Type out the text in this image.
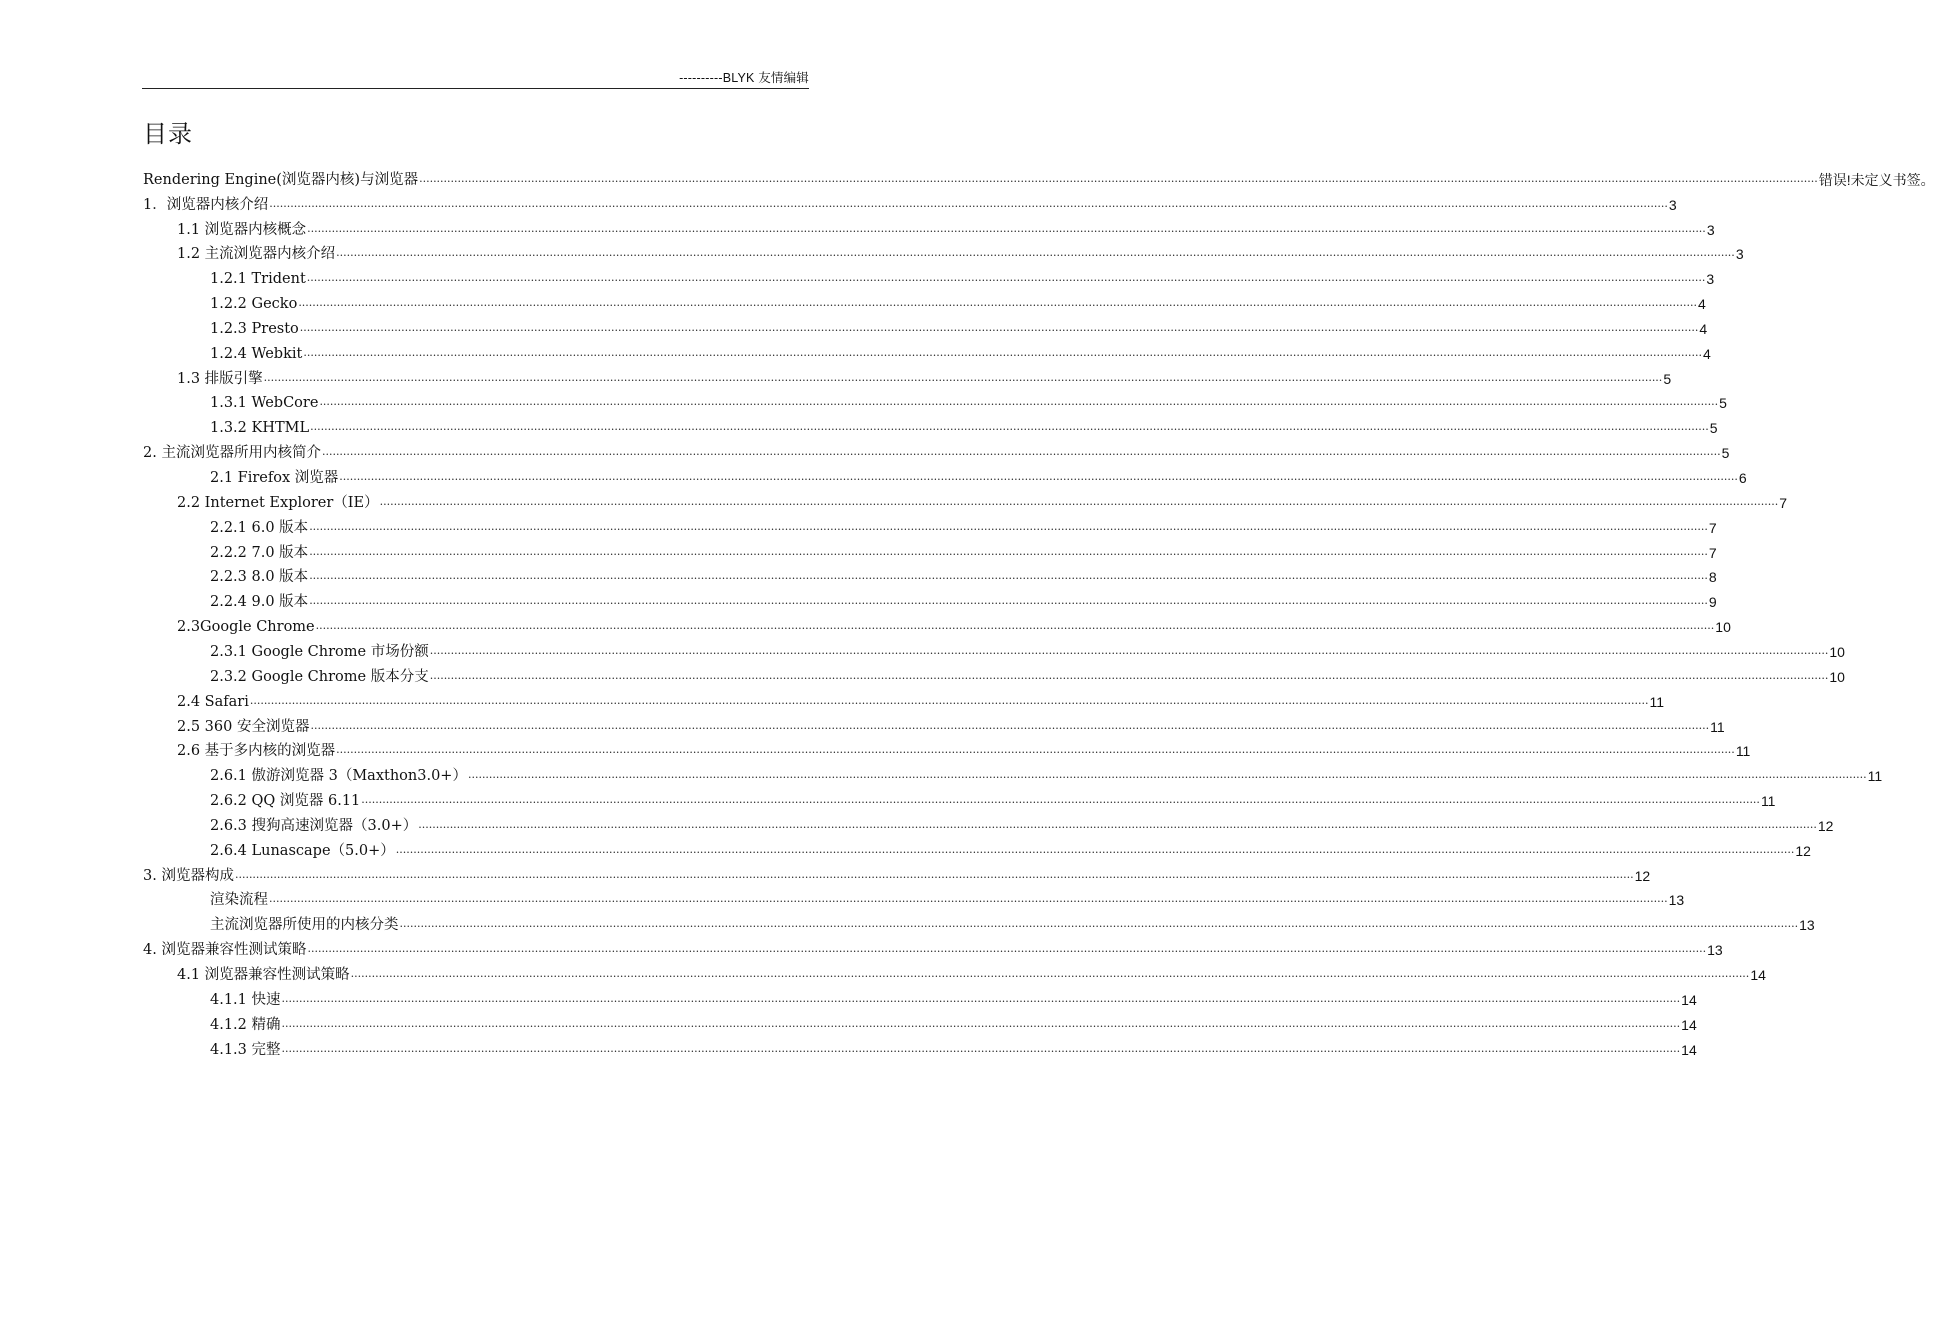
----------BLYK 友情编辑
目录
Rendering Engine(浏览器内核)与浏览器 ................................................................................................................................................................................................................................................................................................................................................................................................................ 错误!未定义书签。
1．浏览器内核介绍 ................................................................................................................................................................................................................................................................................................................................................................................................................ 3
1.1 浏览器内核概念 ................................................................................................................................................................................................................................................................................................................................................................................................................ 3
1.2 主流浏览器内核介绍 ................................................................................................................................................................................................................................................................................................................................................................................................................ 3
1.2.1 Trident ................................................................................................................................................................................................................................................................................................................................................................................................................ 3
1.2.2 Gecko ................................................................................................................................................................................................................................................................................................................................................................................................................ 4
1.2.3 Presto ................................................................................................................................................................................................................................................................................................................................................................................................................ 4
1.2.4 Webkit ................................................................................................................................................................................................................................................................................................................................................................................................................ 4
1.3 排版引擎 ................................................................................................................................................................................................................................................................................................................................................................................................................ 5
1.3.1 WebCore ................................................................................................................................................................................................................................................................................................................................................................................................................ 5
1.3.2 KHTML ................................................................................................................................................................................................................................................................................................................................................................................................................ 5
2. 主流浏览器所用内核简介 ................................................................................................................................................................................................................................................................................................................................................................................................................ 5
2.1 Firefox 浏览器 ................................................................................................................................................................................................................................................................................................................................................................................................................ 6
2.2 Internet Explorer（IE） ................................................................................................................................................................................................................................................................................................................................................................................................................ 7
2.2.1 6.0 版本 ................................................................................................................................................................................................................................................................................................................................................................................................................ 7
2.2.2 7.0 版本 ................................................................................................................................................................................................................................................................................................................................................................................................................ 7
2.2.3 8.0 版本 ................................................................................................................................................................................................................................................................................................................................................................................................................ 8
2.2.4 9.0 版本 ................................................................................................................................................................................................................................................................................................................................................................................................................ 9
2.3Google Chrome ................................................................................................................................................................................................................................................................................................................................................................................................................ 10
2.3.1 Google Chrome 市场份额 ................................................................................................................................................................................................................................................................................................................................................................................................................ 10
2.3.2 Google Chrome 版本分支 ................................................................................................................................................................................................................................................................................................................................................................................................................ 10
2.4 Safari ................................................................................................................................................................................................................................................................................................................................................................................................................ 11
2.5 360 安全浏览器 ................................................................................................................................................................................................................................................................................................................................................................................................................ 11
2.6 基于多内核的浏览器 ................................................................................................................................................................................................................................................................................................................................................................................................................ 11
2.6.1 傲游浏览器 3（Maxthon3.0+） ................................................................................................................................................................................................................................................................................................................................................................................................................ 11
2.6.2 QQ 浏览器 6.11 ................................................................................................................................................................................................................................................................................................................................................................................................................ 11
2.6.3 搜狗高速浏览器（3.0+） ................................................................................................................................................................................................................................................................................................................................................................................................................ 12
2.6.4 Lunascape（5.0+） ................................................................................................................................................................................................................................................................................................................................................................................................................ 12
3. 浏览器构成 ................................................................................................................................................................................................................................................................................................................................................................................................................ 12
渲染流程 ................................................................................................................................................................................................................................................................................................................................................................................................................ 13
主流浏览器所使用的内核分类 ................................................................................................................................................................................................................................................................................................................................................................................................................ 13
4. 浏览器兼容性测试策略 ................................................................................................................................................................................................................................................................................................................................................................................................................ 13
4.1 浏览器兼容性测试策略 ................................................................................................................................................................................................................................................................................................................................................................................................................ 14
4.1.1 快速 ................................................................................................................................................................................................................................................................................................................................................................................................................ 14
4.1.2 精确 ................................................................................................................................................................................................................................................................................................................................................................................................................ 14
4.1.3 完整 ................................................................................................................................................................................................................................................................................................................................................................................................................ 14
